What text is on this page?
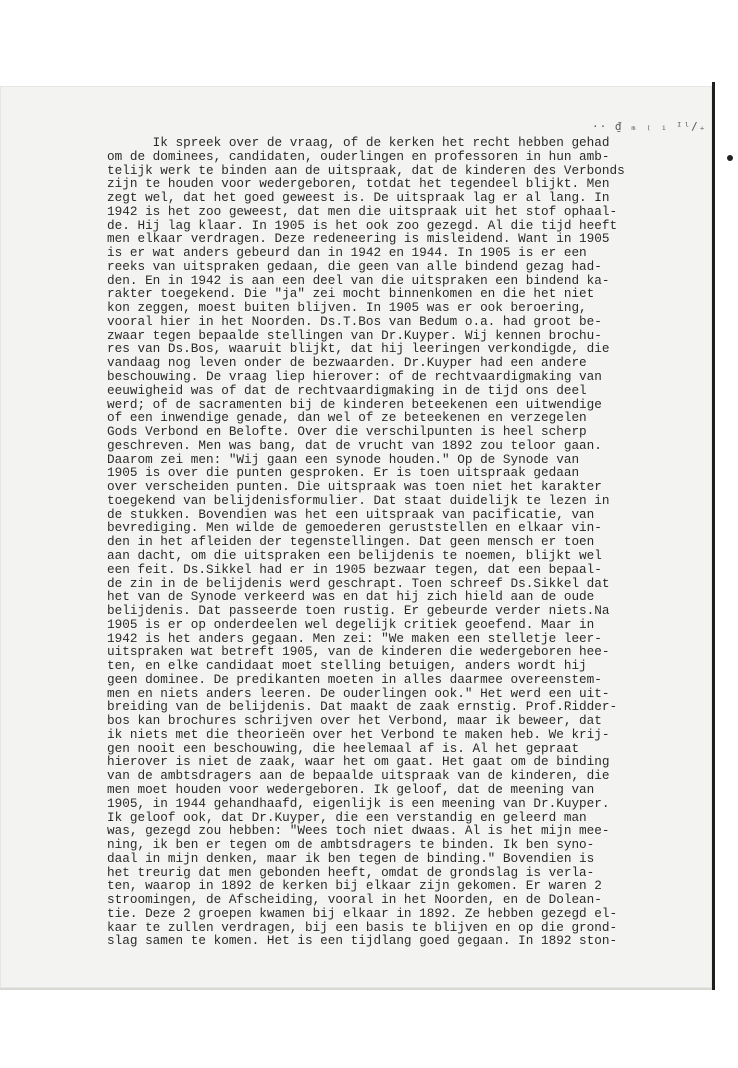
·· ₫ ₘ ₍ ᵢ ᴵˡ/₊
Ik spreek over de vraag, of de kerken het recht hebben gehad
om de dominees, candidaten, ouderlingen en professoren in hun amb-
telijk werk te binden aan de uitspraak, dat de kinderen des Verbonds
zijn te houden voor wedergeboren, totdat het tegendeel blijkt. Men
zegt wel, dat het goed geweest is. De uitspraak lag er al lang. In
1942 is het zoo geweest, dat men die uitspraak uit het stof ophaal-
de. Hij lag klaar. In 1905 is het ook zoo gezegd. Al die tijd heeft
men elkaar verdragen. Deze redeneering is misleidend. Want in 1905
is er wat anders gebeurd dan in 1942 en 1944. In 1905 is er een
reeks van uitspraken gedaan, die geen van alle bindend gezag had-
den. En in 1942 is aan een deel van die uitspraken een bindend ka-
rakter toegekend. Die "ja" zei mocht binnenkomen en die het niet
kon zeggen, moest buiten blijven. In 1905 was er ook beroering,
vooral hier in het Noorden. Ds.T.Bos van Bedum o.a. had groot be-
zwaar tegen bepaalde stellingen van Dr.Kuyper. Wij kennen brochu-
res van Ds.Bos, waaruit blijkt, dat hij leeringen verkondigde, die
vandaag nog leven onder de bezwaarden. Dr.Kuyper had een andere
beschouwing. De vraag liep hierover: of de rechtvaardigmaking van
eeuwigheid was of dat de rechtvaardigmaking in de tijd ons deel
werd; of de sacramenten bij de kinderen beteekenen een uitwendige
of een inwendige genade, dan wel of ze beteekenen en verzegelen
Gods Verbond en Belofte. Over die verschilpunten is heel scherp
geschreven. Men was bang, dat de vrucht van 1892 zou teloor gaan.
Daarom zei men: "Wij gaan een synode houden." Op de Synode van
1905 is over die punten gesproken. Er is toen uitspraak gedaan
over verscheiden punten. Die uitspraak was toen niet het karakter
toegekend van belijdenisformulier. Dat staat duidelijk te lezen in
de stukken. Bovendien was het een uitspraak van pacificatie, van
bevrediging. Men wilde de gemoederen geruststellen en elkaar vin-
den in het afleiden der tegenstellingen. Dat geen mensch er toen
aan dacht, om die uitspraken een belijdenis te noemen, blijkt wel
een feit. Ds.Sikkel had er in 1905 bezwaar tegen, dat een bepaal-
de zin in de belijdenis werd geschrapt. Toen schreef Ds.Sikkel dat
het van de Synode verkeerd was en dat hij zich hield aan de oude
belijdenis. Dat passeerde toen rustig. Er gebeurde verder niets.Na
1905 is er op onderdeelen wel degelijk critiek geoefend. Maar in
1942 is het anders gegaan. Men zei: "We maken een stelletje leer-
uitspraken wat betreft 1905, van de kinderen die wedergeboren hee-
ten, en elke candidaat moet stelling betuigen, anders wordt hij
geen dominee. De predikanten moeten in alles daarmee overeenstem-
men en niets anders leeren. De ouderlingen ook." Het werd een uit-
breiding van de belijdenis. Dat maakt de zaak ernstig. Prof.Ridder-
bos kan brochures schrijven over het Verbond, maar ik beweer, dat
ik niets met die theorieën over het Verbond te maken heb. We krij-
gen nooit een beschouwing, die heelemaal af is. Al het gepraat
hierover is niet de zaak, waar het om gaat. Het gaat om de binding
van de ambtsdragers aan de bepaalde uitspraak van de kinderen, die
men moet houden voor wedergeboren. Ik geloof, dat de meening van
1905, in 1944 gehandhaafd, eigenlijk is een meening van Dr.Kuyper.
Ik geloof ook, dat Dr.Kuyper, die een verstandig en geleerd man
was, gezegd zou hebben: "Wees toch niet dwaas. Al is het mijn mee-
ning, ik ben er tegen om de ambtsdragers te binden. Ik ben syno-
daal in mijn denken, maar ik ben tegen de binding." Bovendien is
het treurig dat men gebonden heeft, omdat de grondslag is verla-
ten, waarop in 1892 de kerken bij elkaar zijn gekomen. Er waren 2
stroomingen, de Afscheiding, vooral in het Noorden, en de Dolean-
tie. Deze 2 groepen kwamen bij elkaar in 1892. Ze hebben gezegd el-
kaar te zullen verdragen, bij een basis te blijven en op die grond-
slag samen te komen. Het is een tijdlang goed gegaan. In 1892 ston-
